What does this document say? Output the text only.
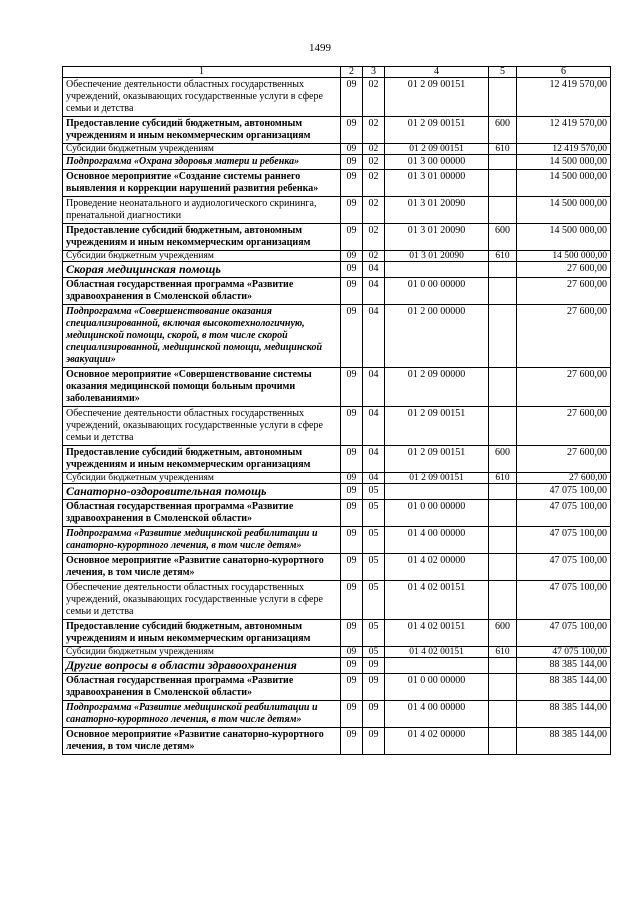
1499
1	2	3	4	5	6
Обеспечение деятельности областных государственных учреждений, оказывающих государственные услуги в сфере семьи и детства	09	02	01 2 09 00151		12 419 570,00
Предоставление субсидий бюджетным, автономным учреждениям и иным некоммерческим организациям	09	02	01 2 09 00151	600	12 419 570,00
Субсидии бюджетным учреждениям	09	02	01 2 09 00151	610	12 419 570,00
Подпрограмма «Охрана здоровья матери и ребенка»	09	02	01 3 00 00000		14 500 000,00
Основное мероприятие «Создание системы раннего выявления и коррекции нарушений развития ребенка»	09	02	01 3 01 00000		14 500 000,00
Проведение неонатального и аудиологического скрининга, пренатальной диагностики	09	02	01 3 01 20090		14 500 000,00
Предоставление субсидий бюджетным, автономным учреждениям и иным некоммерческим организациям	09	02	01 3 01 20090	600	14 500 000,00
Субсидии бюджетным учреждениям	09	02	01 3 01 20090	610	14 500 000,00
Скорая медицинская помощь	09	04			27 600,00
Областная государственная программа «Развитие здравоохранения в Смоленской области»	09	04	01 0 00 00000		27 600,00
Подпрограмма «Совершенствование оказания специализированной, включая высокотехнологичную, медицинской помощи, скорой, в том числе скорой специализированной, медицинской помощи, медицинской эвакуации»	09	04	01 2 00 00000		27 600,00
Основное мероприятие «Совершенствование системы оказания медицинской помощи больным прочими заболеваниями»	09	04	01 2 09 00000		27 600,00
Обеспечение деятельности областных государственных учреждений, оказывающих государственные услуги в сфере семьи и детства	09	04	01 2 09 00151		27 600,00
Предоставление субсидий бюджетным, автономным учреждениям и иным некоммерческим организациям	09	04	01 2 09 00151	600	27 600,00
Субсидии бюджетным учреждениям	09	04	01 2 09 00151	610	27 600,00
Санаторно-оздоровительная помощь	09	05			47 075 100,00
Областная государственная программа «Развитие здравоохранения в Смоленской области»	09	05	01 0 00 00000		47 075 100,00
Подпрограмма «Развитие медицинской реабилитации и санаторно-курортного лечения, в том числе детям»	09	05	01 4 00 00000		47 075 100,00
Основное мероприятие «Развитие санаторно-курортного лечения, в том числе детям»	09	05	01 4 02 00000		47 075 100,00
Обеспечение деятельности областных государственных учреждений, оказывающих государственные услуги в сфере семьи и детства	09	05	01 4 02 00151		47 075 100,00
Предоставление субсидий бюджетным, автономным учреждениям и иным некоммерческим организациям	09	05	01 4 02 00151	600	47 075 100,00
Субсидии бюджетным учреждениям	09	05	01 4 02 00151	610	47 075 100,00
Другие вопросы в области здравоохранения	09	09			88 385 144,00
Областная государственная программа «Развитие здравоохранения в Смоленской области»	09	09	01 0 00 00000		88 385 144,00
Подпрограмма «Развитие медицинской реабилитации и санаторно-курортного лечения, в том числе детям»	09	09	01 4 00 00000		88 385 144,00
Основное мероприятие «Развитие санаторно-курортного лечения, в том числе детям»	09	09	01 4 02 00000		88 385 144,00
